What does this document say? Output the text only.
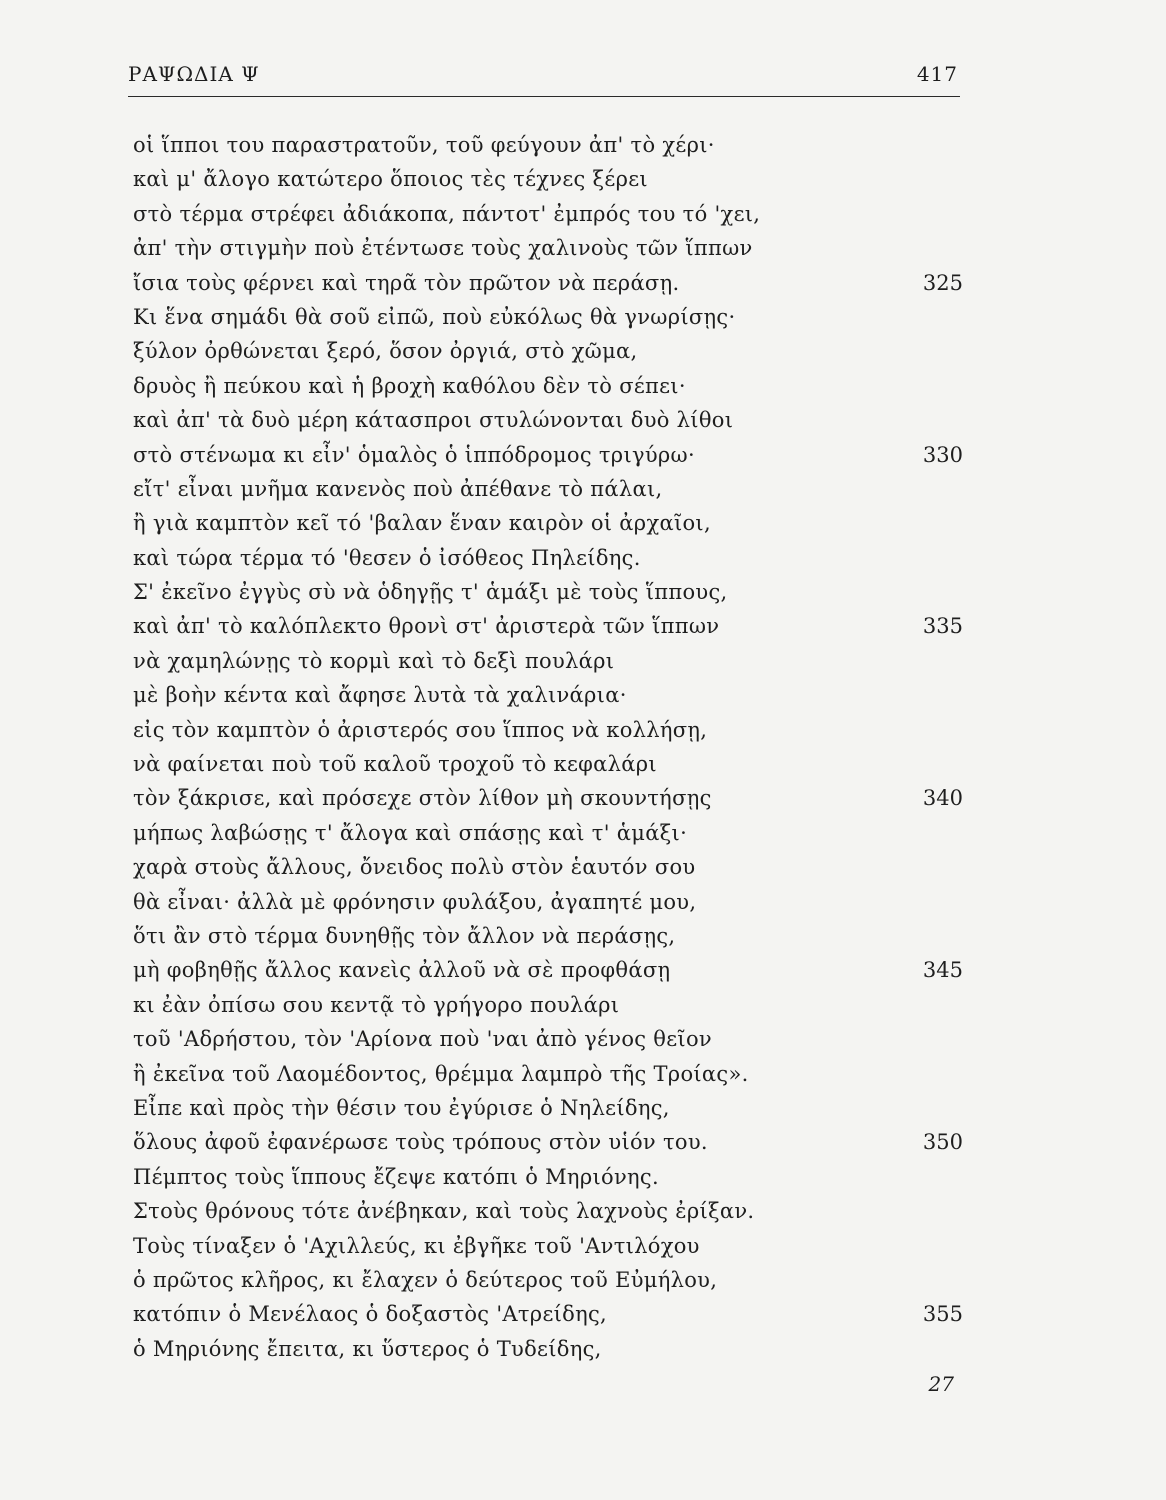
ΡΑΨΩΔΙΑ Ψ	417
οἱ ἵπποι του παραστρατοῦν, τοῦ φεύγουν ἀπ' τὸ χέρι·
καὶ μ' ἄλογο κατώτερο ὅποιος τὲς τέχνες ξέρει
στὸ τέρμα στρέφει ἀδιάκοπα, πάντοτ' ἐμπρός του τό 'χει,
ἀπ' τὴν στιγμὴν ποὺ ἐτέντωσε τοὺς χαλινοὺς τῶν ἵππων
ἴσια τοὺς φέρνει καὶ τηρᾶ τὸν πρῶτον νὰ περάσῃ.	325
Κι ἕνα σημάδι θὰ σοῦ εἰπῶ, ποὺ εὐκόλως θὰ γνωρίσῃς·
ξύλον ὀρθώνεται ξερό, ὅσον ὀργιά, στὸ χῶμα,
δρυὸς ἢ πεύκου καὶ ἡ βροχὴ καθόλου δὲν τὸ σέπει·
καὶ ἀπ' τὰ δυὸ μέρη κάτασπροι στυλώνονται δυὸ λίθοι
στὸ στένωμα κι εἶν' ὁμαλὸς ὁ ἱππόδρομος τριγύρω·	330
εἴτ' εἶναι μνῆμα κανενὸς ποὺ ἀπέθανε τὸ πάλαι,
ἢ γιὰ καμπτὸν κεῖ τό 'βαλαν ἕναν καιρὸν οἱ ἀρχαῖοι,
καὶ τώρα τέρμα τό 'θεσεν ὁ ἰσόθεος Πηλείδης.
Σ' ἐκεῖνο ἐγγὺς σὺ νὰ ὁδηγῇς τ' ἁμάξι μὲ τοὺς ἵππους,
καὶ ἀπ' τὸ καλόπλεκτο θρονὶ στ' ἀριστερὰ τῶν ἵππων	335
νὰ χαμηλώνῃς τὸ κορμὶ καὶ τὸ δεξὶ πουλάρι
μὲ βοὴν κέντα καὶ ἄφησε λυτὰ τὰ χαλινάρια·
εἰς τὸν καμπτὸν ὁ ἀριστερός σου ἵππος νὰ κολλήσῃ,
νὰ φαίνεται ποὺ τοῦ καλοῦ τροχοῦ τὸ κεφαλάρι
τὸν ξάκρισε, καὶ πρόσεχε στὸν λίθον μὴ σκουντήσῃς	340
μήπως λαβώσῃς τ' ἄλογα καὶ σπάσῃς καὶ τ' ἁμάξι·
χαρὰ στοὺς ἄλλους, ὄνειδος πολὺ στὸν ἑαυτόν σου
θὰ εἶναι· ἀλλὰ μὲ φρόνησιν φυλάξου, ἀγαπητέ μου,
ὅτι ἂν στὸ τέρμα δυνηθῇς τὸν ἄλλον νὰ περάσῃς,
μὴ φοβηθῇς ἄλλος κανεὶς ἀλλοῦ νὰ σὲ προφθάσῃ	345
κι ἐὰν ὀπίσω σου κεντᾷ τὸ γρήγορο πουλάρι
τοῦ 'Αδρήστου, τὸν 'Αρίονα ποὺ 'ναι ἀπὸ γένος θεῖον
ἢ ἐκεῖνα τοῦ Λαομέδοντος, θρέμμα λαμπρὸ τῆς Τροίας».
Εἶπε καὶ πρὸς τὴν θέσιν του ἐγύρισε ὁ Νηλείδης,
ὅλους ἀφοῦ ἐφανέρωσε τοὺς τρόπους στὸν υἱόν του.	350
Πέμπτος τοὺς ἵππους ἔζεψε κατόπι ὁ Μηριόνης.
Στοὺς θρόνους τότε ἀνέβηκαν, καὶ τοὺς λαχνοὺς ἐρίξαν.
Τοὺς τίναξεν ὁ 'Αχιλλεύς, κι ἐβγῆκε τοῦ 'Αντιλόχου
ὁ πρῶτος κλῆρος, κι ἔλαχεν ὁ δεύτερος τοῦ Εὐμήλου,
κατόπιν ὁ Μενέλαος ὁ δοξαστὸς 'Ατρείδης,	355
ὁ Μηριόνης ἔπειτα, κι ὕστερος ὁ Τυδείδης,
27
